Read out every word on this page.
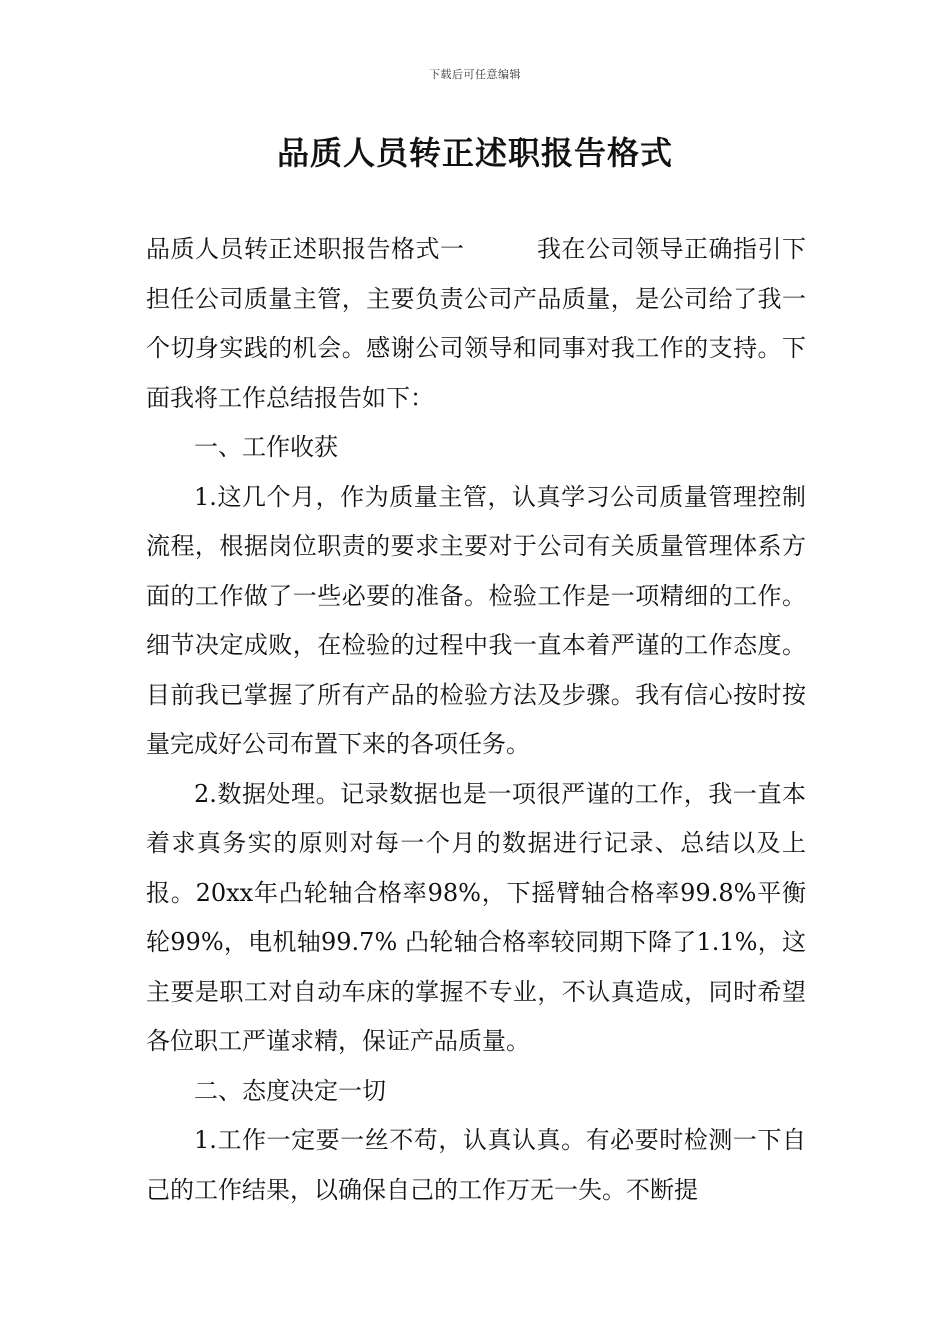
下载后可任意编辑
品质人员转正述职报告格式

品质人员转正述职报告格式一	我在公司领导正确指引下担任公司质量主管，主要负责公司产品质量，是公司给了我一个切身实践的机会。感谢公司领导和同事对我工作的支持。下面我将工作总结报告如下：

一、工作收获

1.这几个月，作为质量主管，认真学习公司质量管理控制流程，根据岗位职责的要求主要对于公司有关质量管理体系方面的工作做了一些必要的准备。检验工作是一项精细的工作。细节决定成败，在检验的过程中我一直本着严谨的工作态度。目前我已掌握了所有产品的检验方法及步骤。我有信心按时按量完成好公司布置下来的各项任务。

2.数据处理。记录数据也是一项很严谨的工作，我一直本着求真务实的原则对每一个月的数据进行记录、总结以及上报。20xx年凸轮轴合格率98%，下摇臂轴合格率99.8%平衡轮99%，电机轴99.7% 凸轮轴合格率较同期下降了1.1%，这主要是职工对自动车床的掌握不专业，不认真造成，同时希望各位职工严谨求精，保证产品质量。

二、态度决定一切

1.工作一定要一丝不苟，认真认真。有必要时检测一下自己的工作结果，以确保自己的工作万无一失。不断提
